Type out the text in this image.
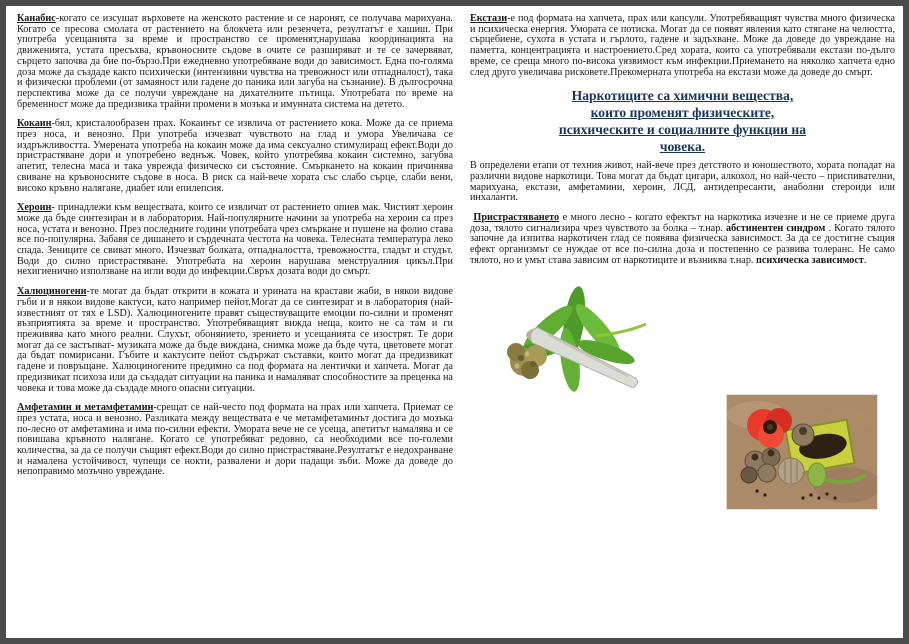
Канабис-когато се изсушат върховете на женското растение и се наронят, се получава марихуана. Когато се пресова смолата от растението на блокчета или резенчета, резултатът е хашиш. При употреба усещанията за време и пространство се променят,нарушава координацията на движенията, устата пресъхва, кръвоносните съдове в очите се разширяват и те се зачервяват, сърцето започва да бие по-бързо.При ежедневно употребяване води до зависимост. Една по-голяма доза може да създаде както психически (интензивни чувства на тревожност или отпадналост), така и физически проблеми (от замаяност или гадене до паника или загуба на съзнание). В дългосрочна перспектива може да се получи увреждане на дихателните пътища. Употребата по време на бременност може да предизвика трайни промени в мозъка и имунната система на детето.

Кокаин-бял, кристалообразен прах. Кокаинът се извлича от растението кока. Може да се приема през носа, и венозно. При употреба изчезват чувството на глад и умора Увеличава се издръжливостта. Умерената употреба на кокаин може да има сексуално стимулиращ ефект.Води до пристрастяване дори и употребено веднъж. Човек, който употребява кокаин системно, загубва апетит, телесна маса и така уврежда физическо си състояние. Смъркането на кокаин причинява свиване на кръвоносните съдове в носа. В риск са най-вече хората със слабо сърце, слаби вени, високо кръвно налягане, диабет или епилепсия.

Хероин- принадлежи към веществата, които се извличат от растението опиев мак. Чистият хероин може да бъде синтезиран и в лаборатория. Най-популярните начини за употреба на хероин са през носа, устата и венозно. През последните години употребата чрез смъркане и пушене на фолио става все по-популярна. Забавя се дишането и сърдечната честота на човека. Телесната температура леко спада. Зениците се свиват много. Изчезват болката, отпадналостта, тревожността, гладът и студът. Води до силно пристрастяване. Употребата на хероин нарушава менструалния цикъл.При нехигиенично използване на игли води до инфекции.Свръх дозата води до смърт.

Халюциногени-те могат да бъдат открити в кожата и урината на крастави жаби, в някои видове гъби и в някои видове кактуси, като например пейот.Могат да се синтезират и в лаборатория (най-известният от тях е LSD). Халюциногените правят съществуващите емоции по-силни и променят възприятията за време и пространство. Употребяващият вижда неща, които не са там и ги преживява като много реални. Слухът, обонянието, зрението и усещанията се изострят. Те дори могат да се застъпват- музиката може да бъде виждана, снимка може да бъде чута, цветовете могат да бъдат помирисани. Гъбите и кактусите пейот съдържат съставки, които могат да предизвикат гадене и повръщане. Халюциногените предимно са под формата на лентички и хапчета. Могат да предизвикат психоза или да създадат ситуации на паника и намаляват способностите за преценка на човека и това може да създаде много опасни ситуации.

Амфетамин и метамфетамин-срещат се най-често под формата на прах или хапчета. Приемат се през устата, носа и венозно. Разликата между веществата е че метамфетаминът достига до мозъка по-лесно от амфетамина и има по-силни ефекти. Умората вече не се усеща, апетитът намалява и се повишава кръвното налягане. Когато се употребяват редовно, са необходими все по-големи количества, за да се получи същият ефект.Води до силно пристрастяване.Резултатът е недохранване и намалена устойчивост, чупещи се нокти, развалени и дори падащи зъби. Може да доведе до непоправимо мозъчно увреждане.

Екстази-е под формата на хапчета, прах или капсули. Употребяващият чувства много физическа и психическа енергия. Умората се потиска. Могат да се появят явления като стягане на челюстта, сърцебиене, сухота в устата и гърлото, гадене и задъхване. Може да доведе до увреждане на паметта, концентрацията и настроението.Сред хората, които са употребявали екстази по-дълго време, се среща много по-висока уязвимост към инфекции.Приемането на няколко хапчета едно след друго увеличава рисковете.Прекомерната употреба на екстази може да доведе до смърт.

Наркотиците са химични вещества,
които променят физическите,
психическите и социалните функции на
човека.

В определени етапи от техния живот, най-вече през детството и юношеството, хората попадат на различни видове наркотици. Това могат да бъдат цигари, алкохол, но най-често – приспивателни, марихуана, екстази, амфетамини, хероин, ЛСД, антидепресанти, анаболни стероиди или инхаланти.

Пристрастяването е много лесно - когато ефектът на наркотика изчезне и не се приеме друга доза, тялото сигнализира чрез чувството за болка – т.нар. абстинентен синдром . Когато тялото започне да изпитва наркотичен глад се появява физическа зависимост. За да се достигне същия ефект организмът се нуждае от все по-силна доза и постепенно се развива толеранс. Не само тялото, но и умът става зависим от наркотиците и възниква т.нар. психическа зависимост.
